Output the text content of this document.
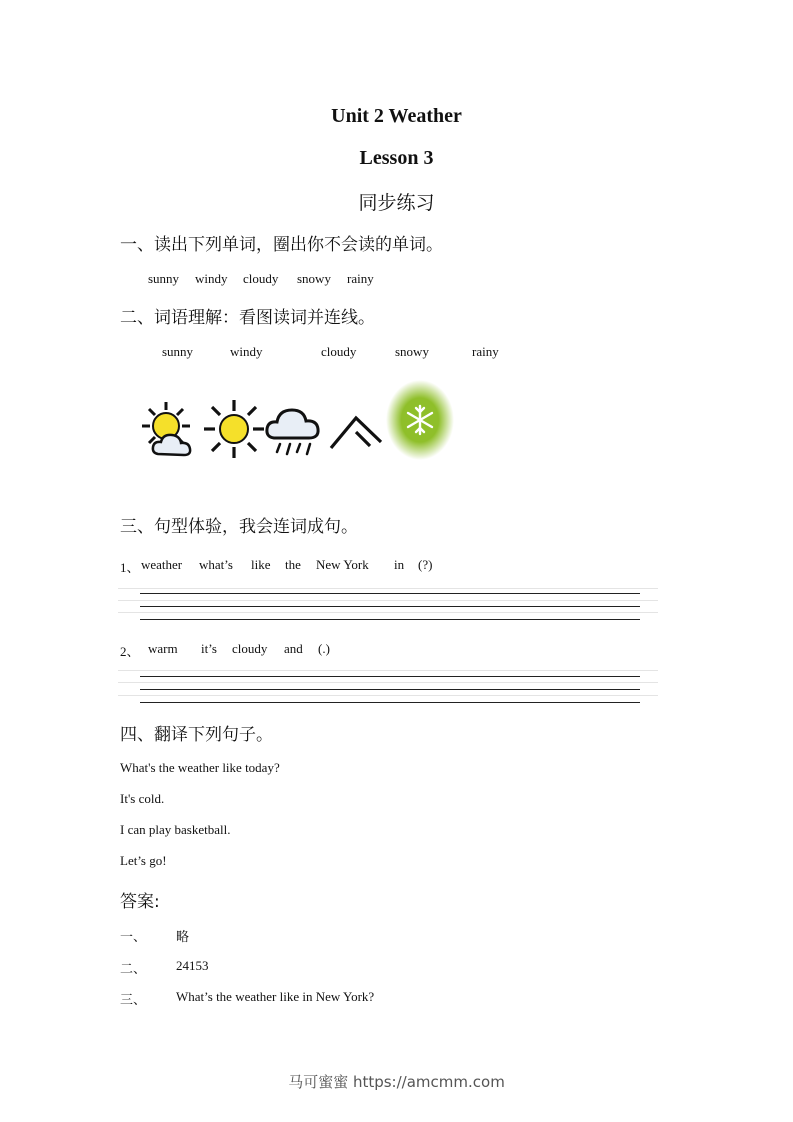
Unit 2 Weather
Lesson 3
同步练习
一、读出下列单词，圈出你不会读的单词。
sunny windy cloudy snowy rainy
二、词语理解：看图读词并连线。
sunny	windy	cloudy	snowy	rainy
三、句型体验，我会连词成句。
1、 weather what’s like the New York in (?)
2、 warm it’s cloudy and (.)
四、翻译下列句子。
What's the weather like today?
It's cold.
I can play basketball.
Let’s go!
答案:
一、 略
二、 24153
三、 What’s the weather like in New York?
马可蜜蜜 https://amcmm.com
